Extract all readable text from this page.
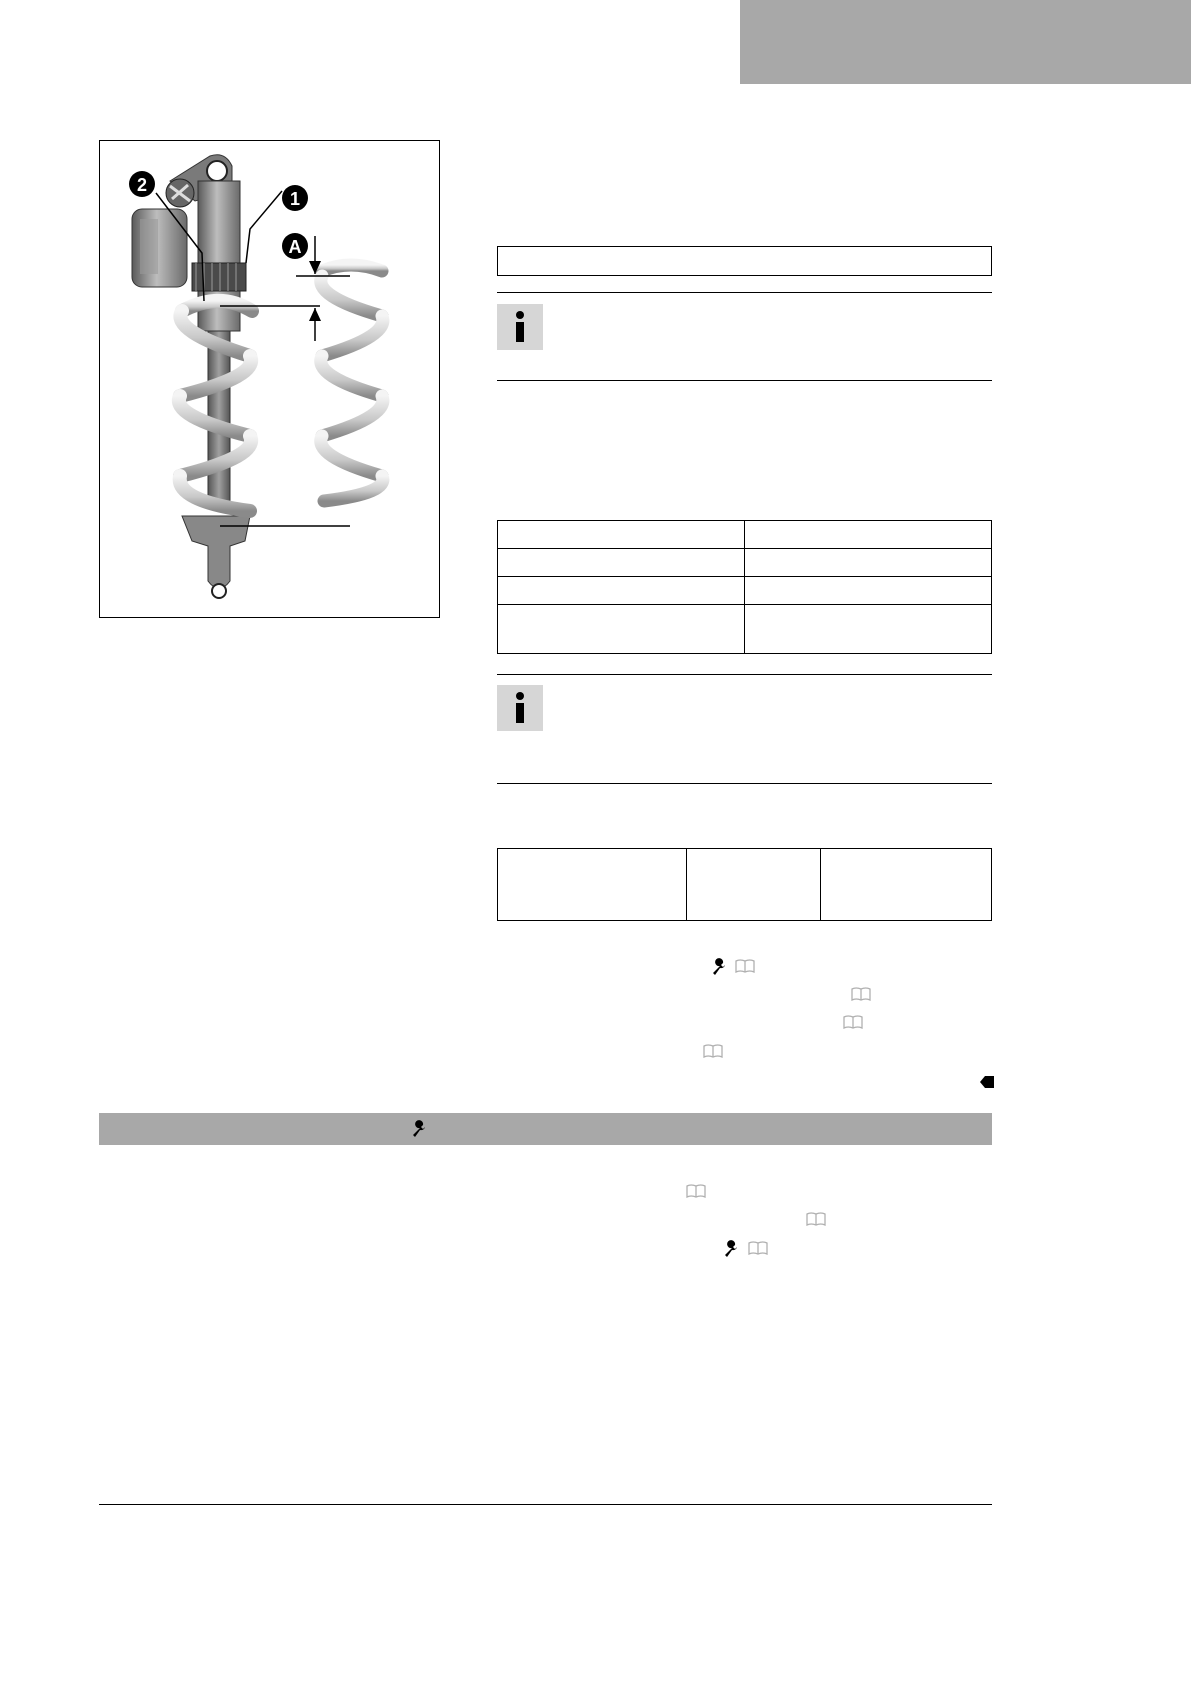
2
1
A
